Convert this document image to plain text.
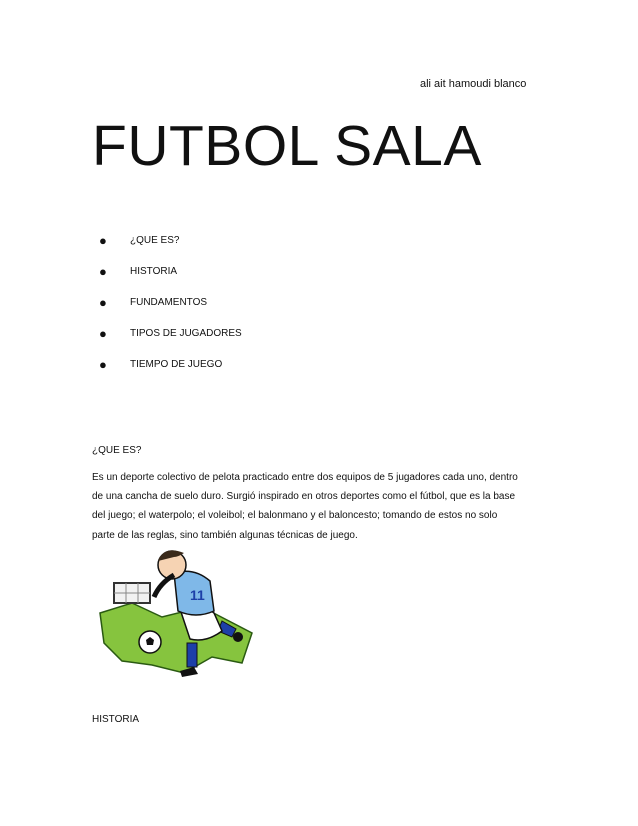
ali ait hamoudi blanco
FUTBOL SALA
● ¿QUE ES?
● HISTORIA
● FUNDAMENTOS
● TIPOS DE JUGADORES
● TIEMPO DE JUEGO
¿QUE ES?

Es un deporte colectivo de pelota practicado entre dos equipos de 5 jugadores cada uno, dentro
de una cancha de suelo duro. Surgió inspirado en otros deportes como el fútbol, que es la base
del juego; el waterpolo; el voleibol; el balonmano y el baloncesto; tomando de estos no solo
parte de las reglas, sino también algunas técnicas de juego.

11
HISTORIA
